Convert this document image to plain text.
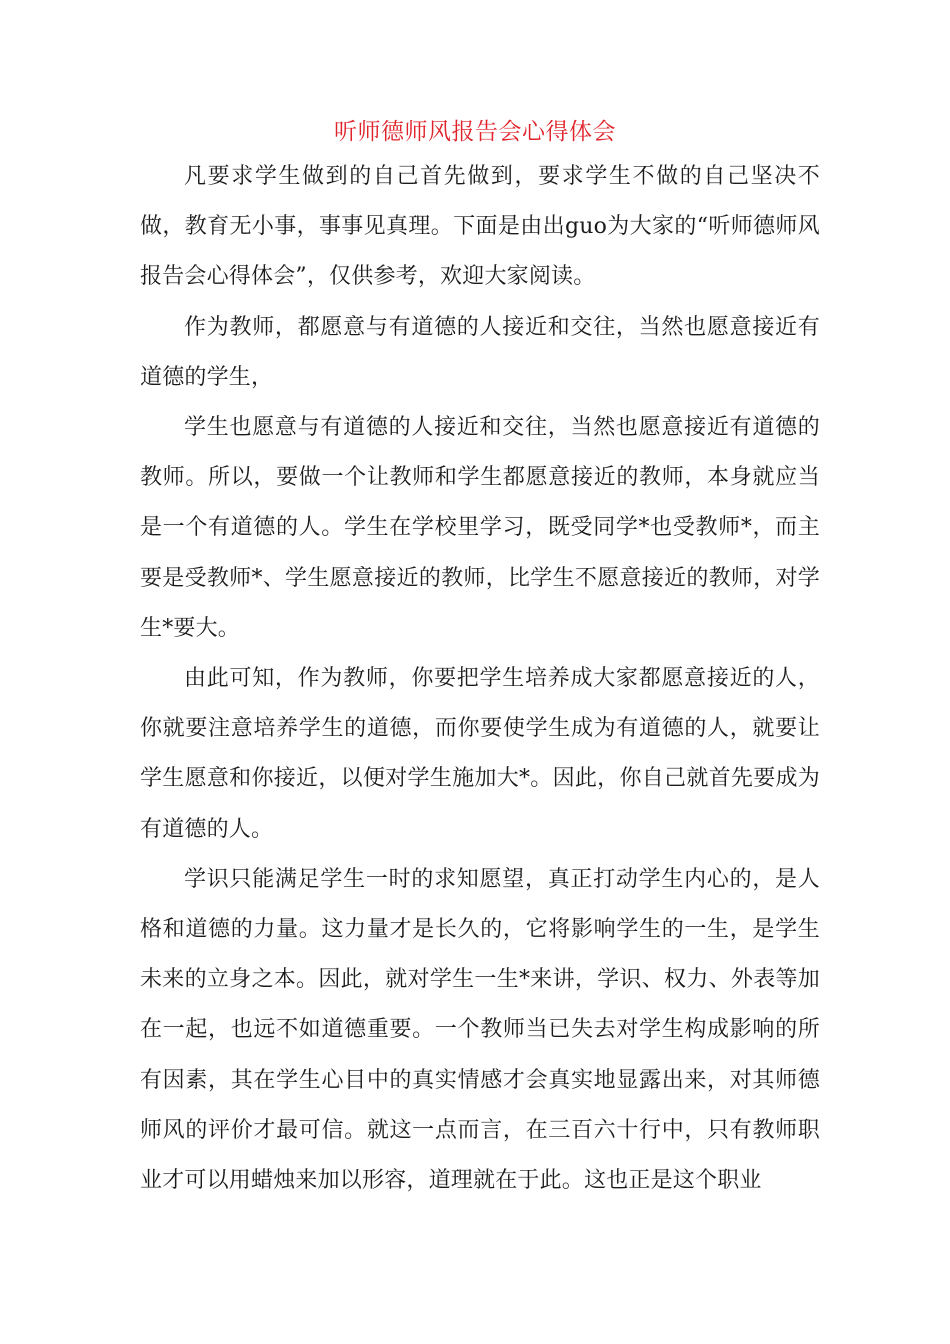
听师德师风报告会心得体会

凡要求学生做到的自己首先做到，要求学生不做的自己坚决不做，教育无小事，事事见真理。下面是由出guo为大家的“听师德师风报告会心得体会”，仅供参考，欢迎大家阅读。

作为教师，都愿意与有道德的人接近和交往，当然也愿意接近有道德的学生，

学生也愿意与有道德的人接近和交往，当然也愿意接近有道德的教师。所以，要做一个让教师和学生都愿意接近的教师，本身就应当是一个有道德的人。学生在学校里学习，既受同学*也受教师*，而主要是受教师*、学生愿意接近的教师，比学生不愿意接近的教师，对学生*要大。

由此可知，作为教师，你要把学生培养成大家都愿意接近的人，你就要注意培养学生的道德，而你要使学生成为有道德的人，就要让学生愿意和你接近，以便对学生施加大*。因此，你自己就首先要成为有道德的人。

学识只能满足学生一时的求知愿望，真正打动学生内心的，是人格和道德的力量。这力量才是长久的，它将影响学生的一生，是学生未来的立身之本。因此，就对学生一生*来讲，学识、权力、外表等加在一起，也远不如道德重要。一个教师当已失去对学生构成影响的所有因素，其在学生心目中的真实情感才会真实地显露出来，对其师德师风的评价才最可信。就这一点而言，在三百六十行中，只有教师职业才可以用蜡烛来加以形容，道理就在于此。这也正是这个职业
